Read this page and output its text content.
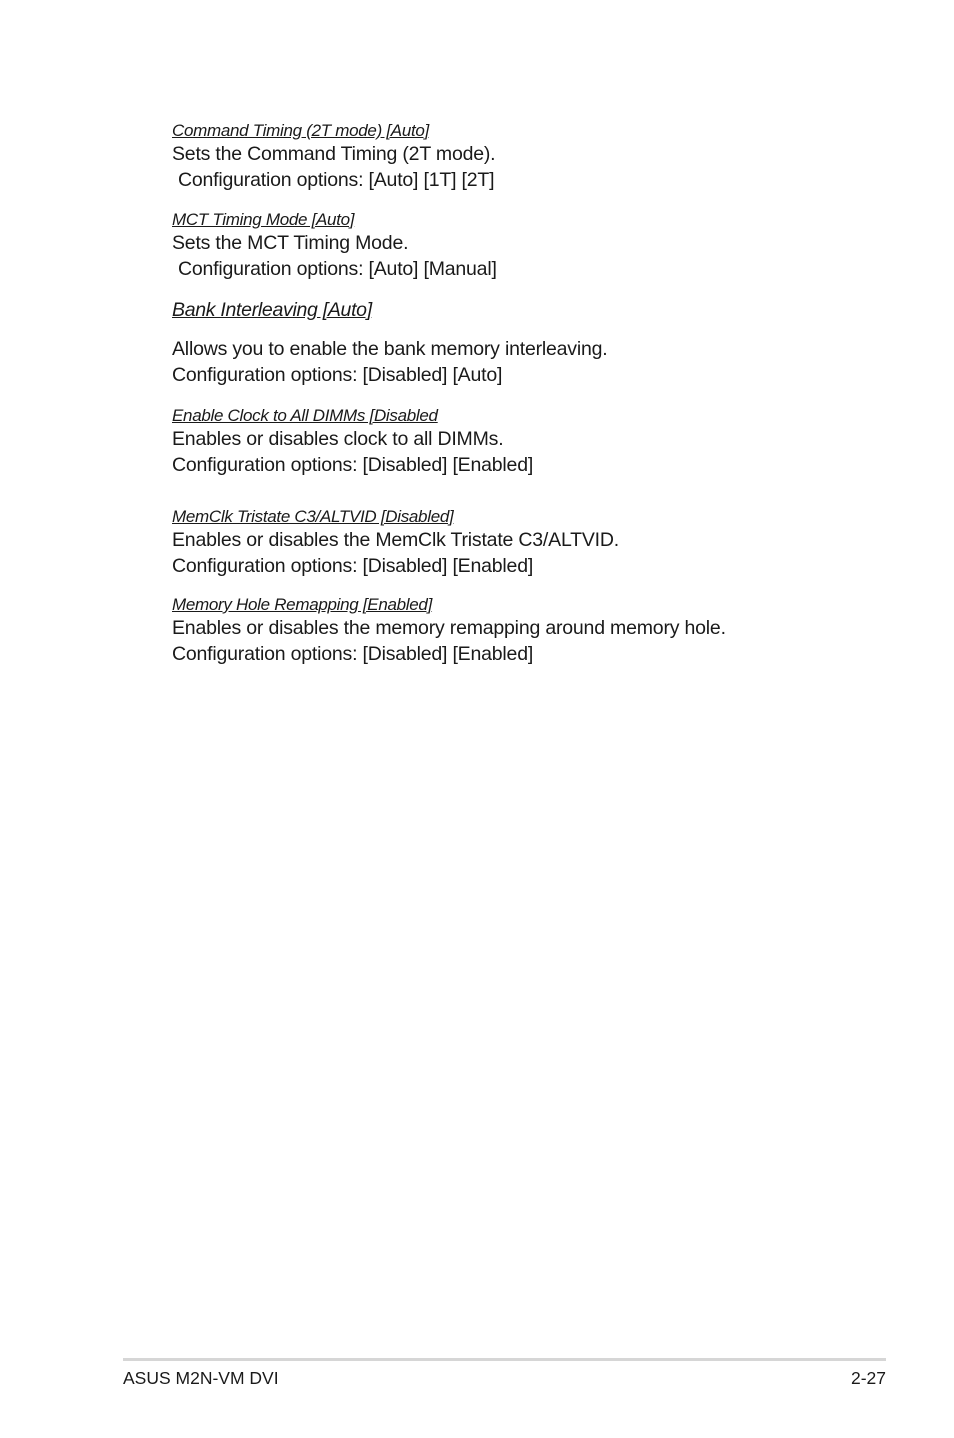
Command Timing (2T mode) [Auto]
Sets the Command Timing (2T mode).
Configuration options: [Auto] [1T] [2T]
MCT Timing Mode [Auto]
Sets the MCT Timing Mode.
Configuration options: [Auto] [Manual]
Bank Interleaving [Auto]
Allows you to enable the bank memory interleaving.
Configuration options: [Disabled] [Auto]
Enable Clock to All DIMMs [Disabled
Enables or disables clock to all DIMMs.
Configuration options: [Disabled] [Enabled]
MemClk Tristate C3/ALTVID [Disabled]
Enables or disables the MemClk Tristate C3/ALTVID.
Configuration options: [Disabled] [Enabled]
Memory Hole Remapping [Enabled]
Enables or disables the memory remapping around memory hole.
Configuration options: [Disabled] [Enabled]
ASUS M2N-VM DVI	2-27
